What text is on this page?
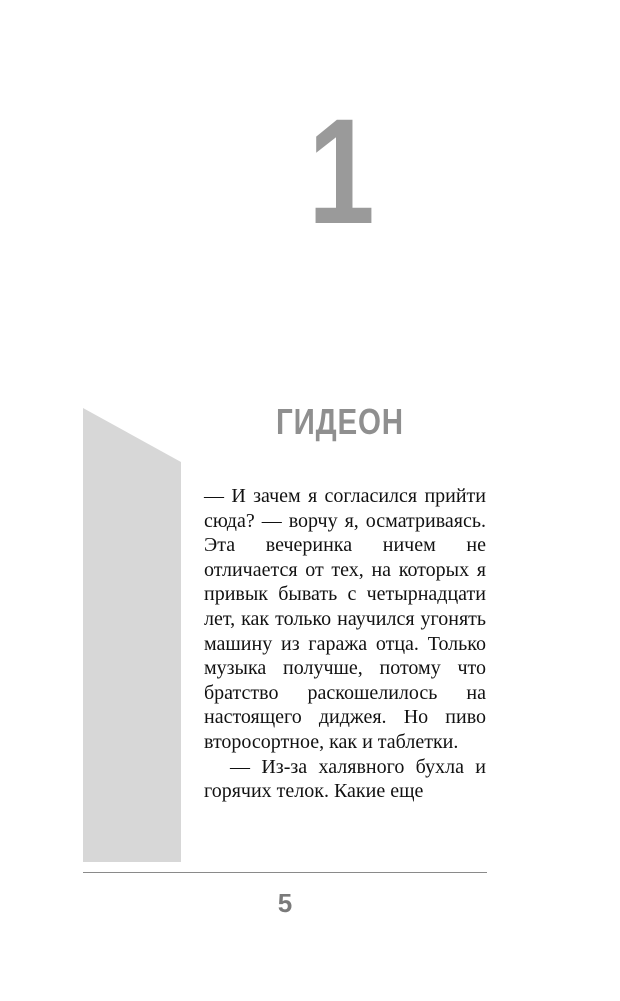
1
ГИДЕОН

— И зачем я согласился прийти сюда? — ворчу я, осматриваясь. Эта вечеринка ничем не отличается от тех, на которых я привык бывать с четырнадцати лет, как только научился угонять машину из гаража отца. Только музыка получше, потому что братство раскошелилось на настоящего диджея. Но пиво второсортное, как и таблетки.

— Из-за халявного бухла и горячих телок. Какие еще

5
